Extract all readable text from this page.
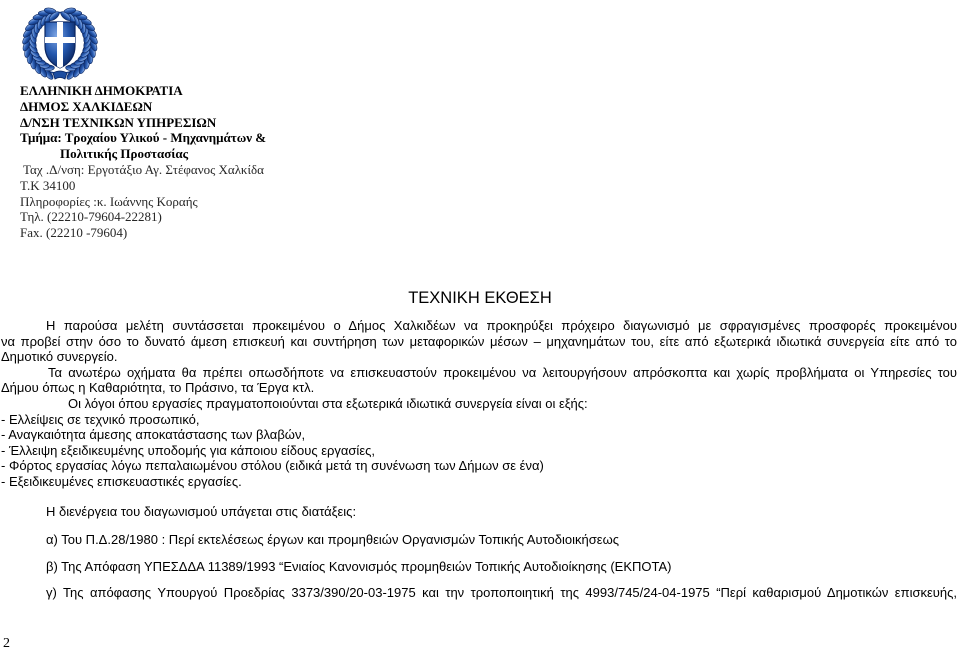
ΕΛΛΗΝΙΚΗ ΔΗΜΟΚΡΑΤΙΑ
ΔΗΜΟΣ ΧΑΛΚΙΔΕΩΝ
Δ/ΝΣΗ ΤΕΧΝΙΚΩΝ ΥΠΗΡΕΣΙΩΝ
Τμήμα: Τροχαίου Υλικού - Μηχανημάτων &
Πολιτικής Προστασίας
Ταχ .Δ/νση: Εργοτάξιο Αγ. Στέφανος Χαλκίδα
Τ.Κ 34100
Πληροφορίες :κ. Ιωάννης Κοραής
Τηλ. (22210-79604-22281)
Fax. (22210 -79604)
ΤΕΧΝΙΚΗ ΕΚΘΕΣΗ
Η παρούσα μελέτη συντάσσεται προκειμένου ο Δήμος Χαλκιδέων να προκηρύξει πρόχειρο διαγωνισμό με σφραγισμένες προσφορές προκειμένου
να προβεί στην όσο το δυνατό άμεση επισκευή και συντήρηση των μεταφορικών μέσων – μηχανημάτων του, είτε από εξωτερικά ιδιωτικά συνεργεία είτε από το
Δημοτικό συνεργείο.
Τα ανωτέρω οχήματα θα πρέπει οπωσδήποτε να επισκευαστούν προκειμένου να λειτουργήσουν απρόσκοπτα και χωρίς προβλήματα οι Υπηρεσίες του
Δήμου όπως η Καθαριότητα, το Πράσινο, τα Έργα κτλ.
Οι λόγοι όπου εργασίες πραγματοποιούνται στα εξωτερικά ιδιωτικά συνεργεία είναι οι εξής:
- Ελλείψεις σε τεχνικό προσωπικό,
- Αναγκαιότητα άμεσης αποκατάστασης των βλαβών,
- Έλλειψη εξειδικευμένης υποδομής για κάποιου είδους εργασίες,
- Φόρτος εργασίας λόγω πεπαλαιωμένου στόλου (ειδικά μετά τη συνένωση των Δήμων σε ένα)
- Εξειδικευμένες επισκευαστικές εργασίες.
Η διενέργεια του διαγωνισμού υπάγεται στις διατάξεις:
α) Του Π.Δ.28/1980 : Περί εκτελέσεως έργων και προμηθειών Οργανισμών Τοπικής Αυτοδιοικήσεως
β) Της Απόφαση ΥΠΕΣΔΔΑ 11389/1993 “Ενιαίος Κανονισμός προμηθειών Τοπικής Αυτοδιοίκησης (ΕΚΠΟΤΑ)
γ) Της απόφασης Υπουργού Προεδρίας 3373/390/20-03-1975 και την τροποποιητική της 4993/745/24-04-1975 “Περί καθαρισμού Δημοτικών επισκευής,
2
